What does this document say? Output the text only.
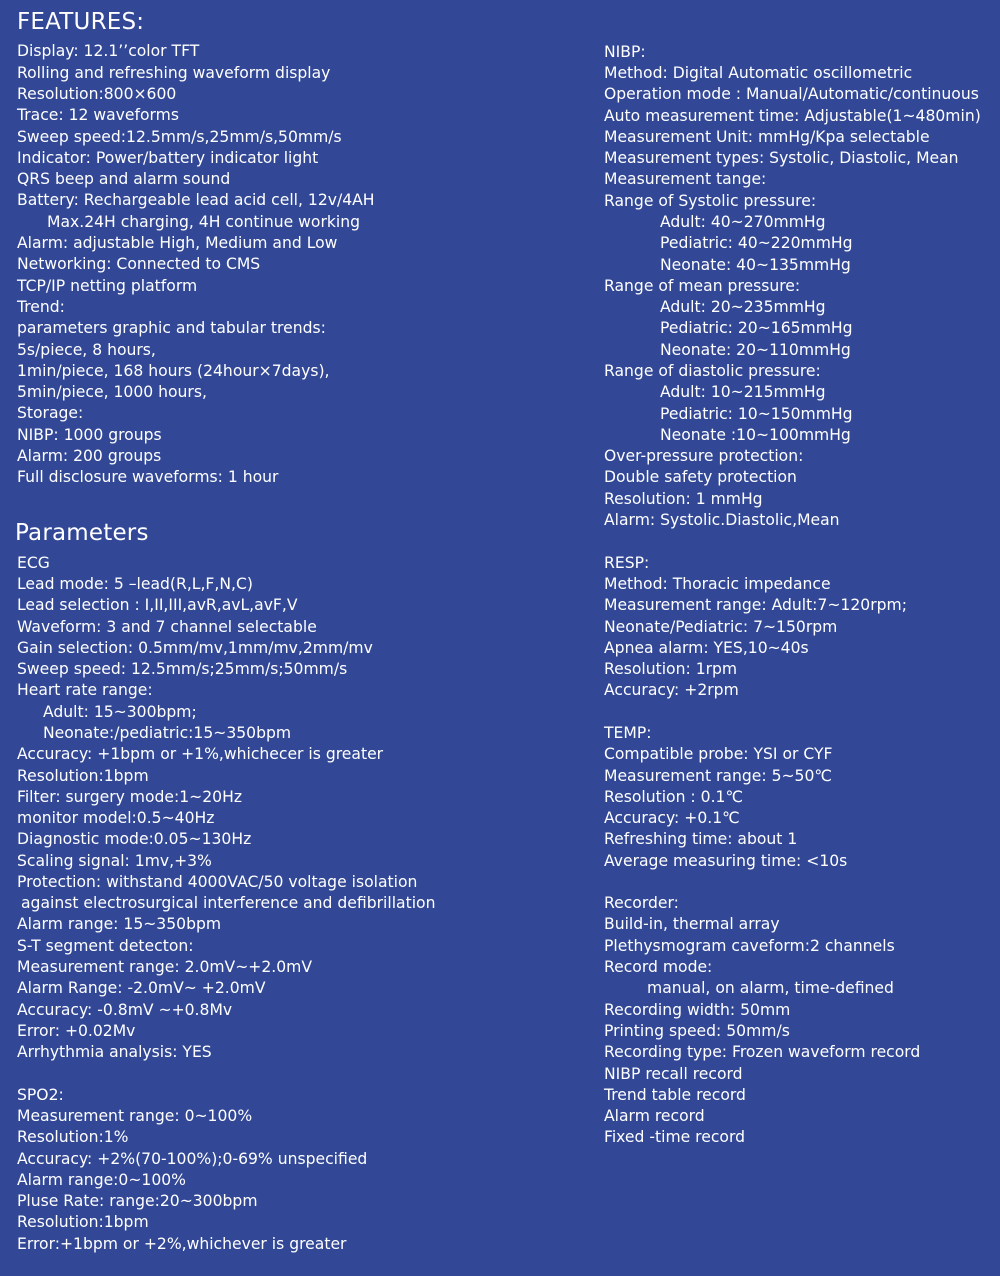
FEATURES:
Display: 12.1’’color TFT
Rolling and refreshing waveform display
Resolution:800×600
Trace: 12 waveforms
Sweep speed:12.5mm/s,25mm/s,50mm/s
Indicator: Power/battery indicator light
QRS beep and alarm sound
Battery: Rechargeable lead acid cell, 12v/4AH
Max.24H charging, 4H continue working
Alarm: adjustable High, Medium and Low
Networking: Connected to CMS
TCP/IP netting platform
Trend:
parameters graphic and tabular trends:
5s/piece, 8 hours,
1min/piece, 168 hours (24hour×7days),
5min/piece, 1000 hours,
Storage:
NIBP: 1000 groups
Alarm: 200 groups
Full disclosure waveforms: 1 hour
Parameters
ECG
Lead mode: 5 –lead(R,L,F,N,C)
Lead selection : I,II,III,avR,avL,avF,V
Waveform: 3 and 7 channel selectable
Gain selection: 0.5mm/mv,1mm/mv,2mm/mv
Sweep speed: 12.5mm/s;25mm/s;50mm/s
Heart rate range:
Adult: 15~300bpm;
Neonate:/pediatric:15~350bpm
Accuracy: +1bpm or +1%,whichecer is greater
Resolution:1bpm
Filter: surgery mode:1~20Hz
monitor model:0.5~40Hz
Diagnostic mode:0.05~130Hz
Scaling signal: 1mv,+3%
Protection: withstand 4000VAC/50 voltage isolation
against electrosurgical interference and defibrillation
Alarm range: 15~350bpm
S-T segment detecton:
Measurement range: 2.0mV~+2.0mV
Alarm Range: -2.0mV~ +2.0mV
Accuracy: -0.8mV ~+0.8Mv
Error: +0.02Mv
Arrhythmia analysis: YES
SPO2:
Measurement range: 0~100%
Resolution:1%
Accuracy: +2%(70-100%);0-69% unspecified
Alarm range:0~100%
Pluse Rate: range:20~300bpm
Resolution:1bpm
Error:+1bpm or +2%,whichever is greater
NIBP:
Method: Digital Automatic oscillometric
Operation mode : Manual/Automatic/continuous
Auto measurement time: Adjustable(1~480min)
Measurement Unit: mmHg/Kpa selectable
Measurement types: Systolic, Diastolic, Mean
Measurement tange:
Range of Systolic pressure:
Adult: 40~270mmHg
Pediatric: 40~220mmHg
Neonate: 40~135mmHg
Range of mean pressure:
Adult: 20~235mmHg
Pediatric: 20~165mmHg
Neonate: 20~110mmHg
Range of diastolic pressure:
Adult: 10~215mmHg
Pediatric: 10~150mmHg
Neonate :10~100mmHg
Over-pressure protection:
Double safety protection
Resolution: 1 mmHg
Alarm: Systolic.Diastolic,Mean
RESP:
Method: Thoracic impedance
Measurement range: Adult:7~120rpm;
Neonate/Pediatric: 7~150rpm
Apnea alarm: YES,10~40s
Resolution: 1rpm
Accuracy: +2rpm
TEMP:
Compatible probe: YSI or CYF
Measurement range: 5~50℃
Resolution : 0.1℃
Accuracy: +0.1℃
Refreshing time: about 1
Average measuring time: <10s
Recorder:
Build-in, thermal array
Plethysmogram caveform:2 channels
Record mode:
manual, on alarm, time-defined
Recording width: 50mm
Printing speed: 50mm/s
Recording type: Frozen waveform record
NIBP recall record
Trend table record
Alarm record
Fixed -time record
